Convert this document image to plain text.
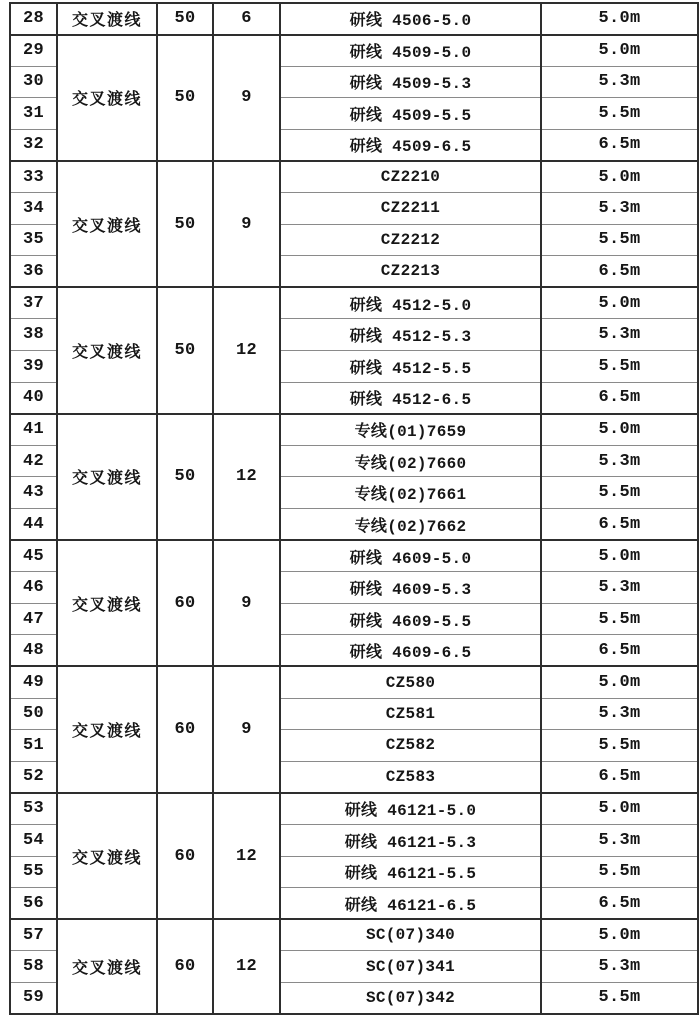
28	交叉渡线	50	6	研线 4506-5.0	5.0m
29	交叉渡线	50	9	研线 4509-5.0	5.0m
30				研线 4509-5.3	5.3m
31				研线 4509-5.5	5.5m
32				研线 4509-6.5	6.5m
33	交叉渡线	50	9	CZ2210	5.0m
34				CZ2211	5.3m
35				CZ2212	5.5m
36				CZ2213	6.5m
37	交叉渡线	50	12	研线 4512-5.0	5.0m
38				研线 4512-5.3	5.3m
39				研线 4512-5.5	5.5m
40				研线 4512-6.5	6.5m
41	交叉渡线	50	12	专线(01)7659	5.0m
42				专线(02)7660	5.3m
43				专线(02)7661	5.5m
44				专线(02)7662	6.5m
45	交叉渡线	60	9	研线 4609-5.0	5.0m
46				研线 4609-5.3	5.3m
47				研线 4609-5.5	5.5m
48				研线 4609-6.5	6.5m
49	交叉渡线	60	9	CZ580	5.0m
50				CZ581	5.3m
51				CZ582	5.5m
52				CZ583	6.5m
53	交叉渡线	60	12	研线 46121-5.0	5.0m
54				研线 46121-5.3	5.3m
55				研线 46121-5.5	5.5m
56				研线 46121-6.5	6.5m
57	交叉渡线	60	12	SC(07)340	5.0m
58				SC(07)341	5.3m
59				SC(07)342	5.5m
